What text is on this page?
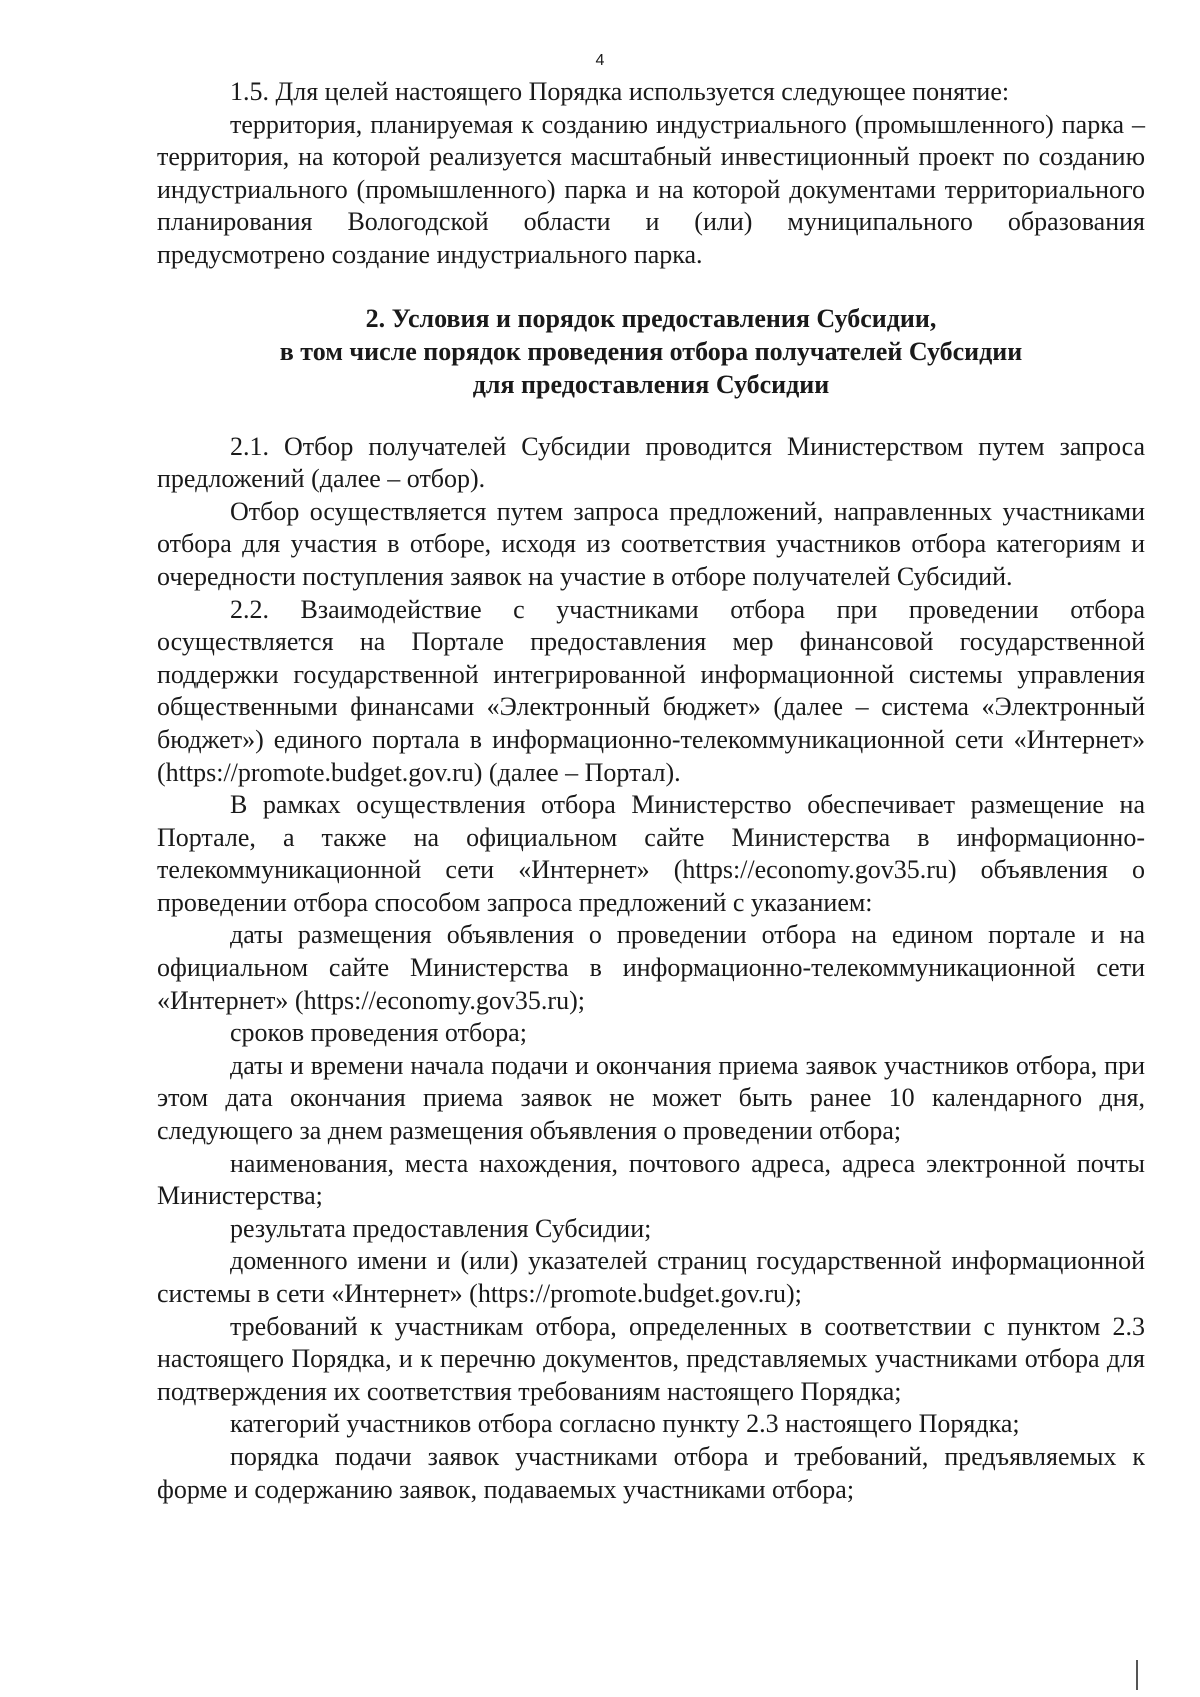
4

1.5. Для целей настоящего Порядка используется следующее понятие:

территория, планируемая к созданию индустриального (промышленного) парка – территория, на которой реализуется масштабный инвестиционный проект по созданию индустриального (промышленного) парка и на которой документами территориального планирования Вологодской области и (или) муниципального образования предусмотрено создание индустриального парка.

2. Условия и порядок предоставления Субсидии,
в том числе порядок проведения отбора получателей Субсидии
для предоставления Субсидии

2.1. Отбор получателей Субсидии проводится Министерством путем запроса предложений (далее – отбор).

Отбор осуществляется путем запроса предложений, направленных участниками отбора для участия в отборе, исходя из соответствия участников отбора категориям и очередности поступления заявок на участие в отборе получателей Субсидий.

2.2. Взаимодействие с участниками отбора при проведении отбора осуществляется на Портале предоставления мер финансовой государственной поддержки государственной интегрированной информационной системы управления общественными финансами «Электронный бюджет» (далее – система «Электронный бюджет») единого портала в информационно-телекоммуникационной сети «Интернет» (https://promote.budget.gov.ru) (далее – Портал).

В рамках осуществления отбора Министерство обеспечивает размещение на Портале, а также на официальном сайте Министерства в информационно-телекоммуникационной сети «Интернет» (https://economy.gov35.ru) объявления о проведении отбора способом запроса предложений с указанием:

даты размещения объявления о проведении отбора на едином портале и на официальном сайте Министерства в информационно-телекоммуникационной сети «Интернет» (https://economy.gov35.ru);

сроков проведения отбора;

даты и времени начала подачи и окончания приема заявок участников отбора, при этом дата окончания приема заявок не может быть ранее 10 календарного дня, следующего за днем размещения объявления о проведении отбора;

наименования, места нахождения, почтового адреса, адреса электронной почты Министерства;

результата предоставления Субсидии;

доменного имени и (или) указателей страниц государственной информационной системы в сети «Интернет» (https://promote.budget.gov.ru);

требований к участникам отбора, определенных в соответствии с пунктом 2.3 настоящего Порядка, и к перечню документов, представляемых участниками отбора для подтверждения их соответствия требованиям настоящего Порядка;

категорий участников отбора согласно пункту 2.3 настоящего Порядка;

порядка подачи заявок участниками отбора и требований, предъявляемых к форме и содержанию заявок, подаваемых участниками отбора;
